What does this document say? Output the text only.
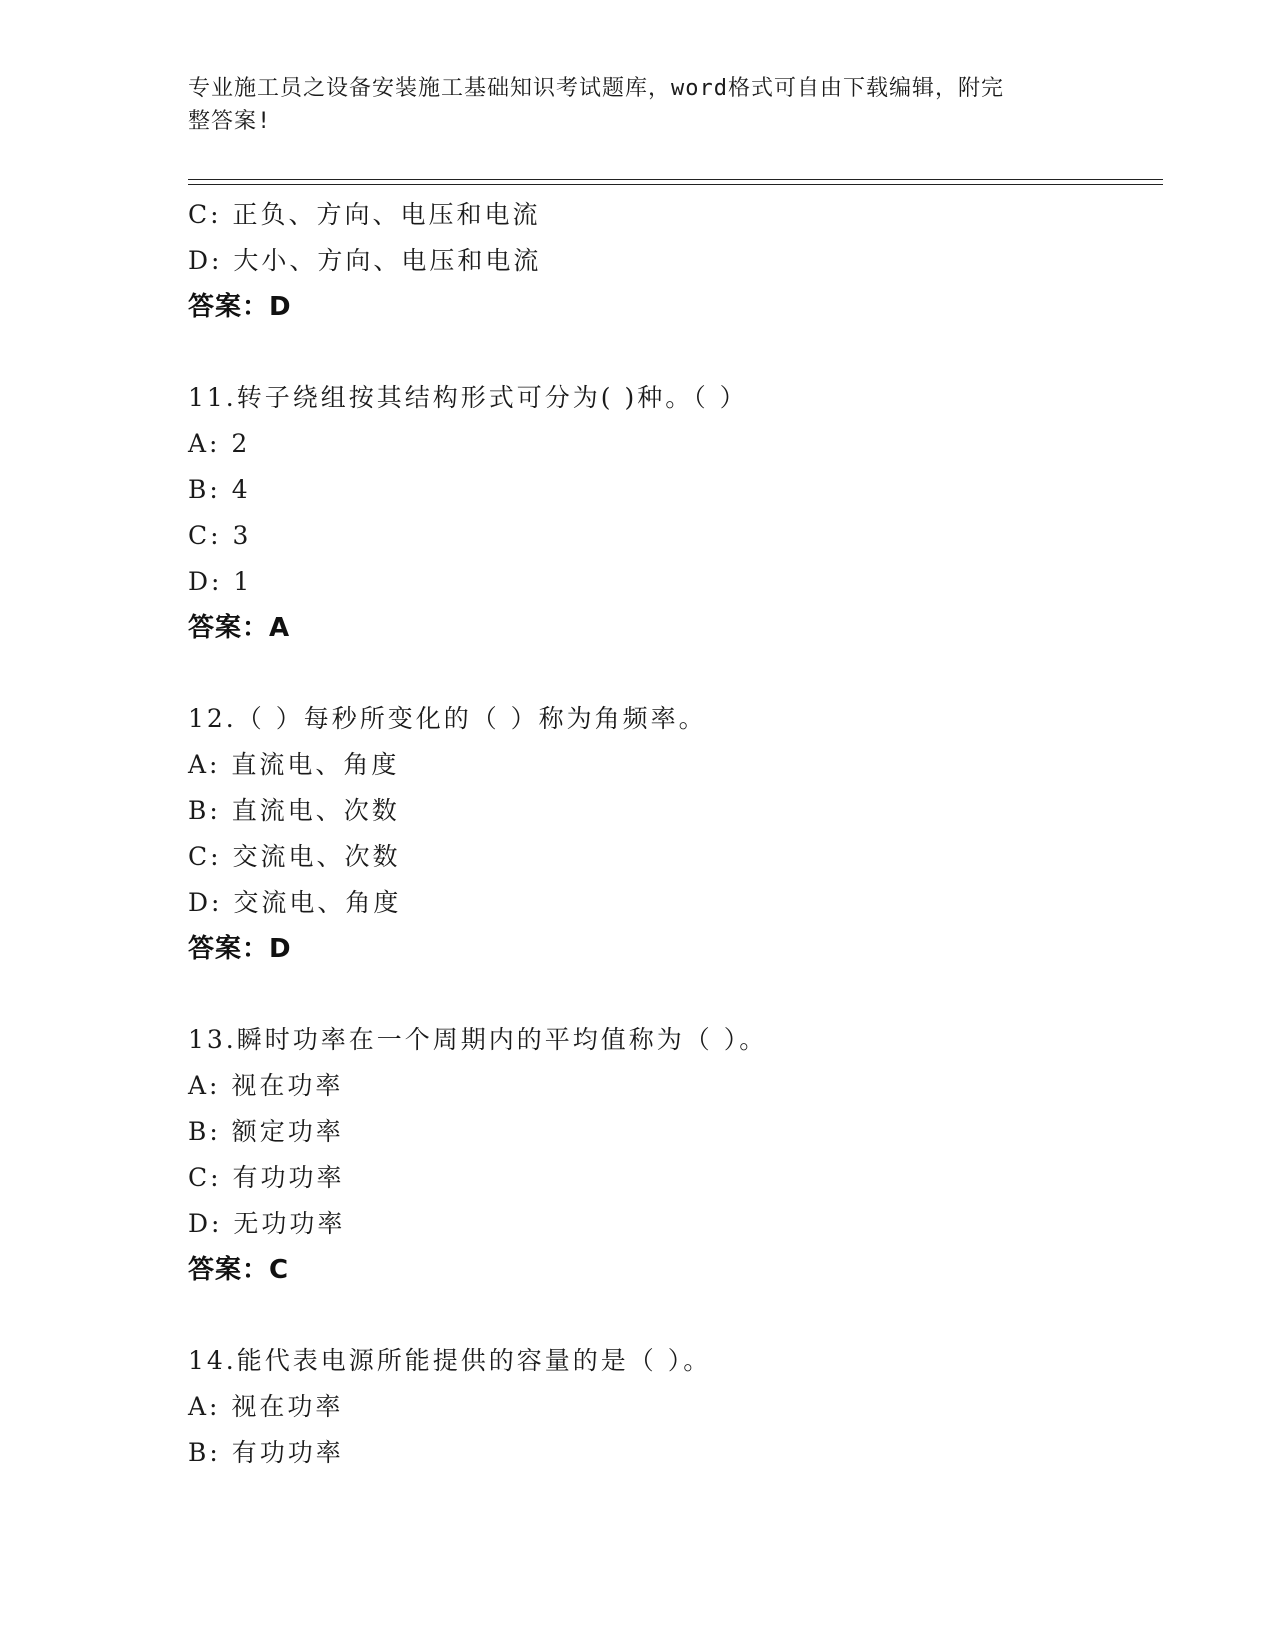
专业施工员之设备安装施工基础知识考试题库，word格式可自由下载编辑，附完
整答案!
C: 正负、方向、电压和电流
D: 大小、方向、电压和电流
答案：D
11.转子绕组按其结构形式可分为( )种。（ ）
A: 2
B: 4
C: 3
D: 1
答案：A
12.（ ）每秒所变化的（ ）称为角频率。
A: 直流电、角度
B: 直流电、次数
C: 交流电、次数
D: 交流电、角度
答案：D
13.瞬时功率在一个周期内的平均值称为（ ）。
A: 视在功率
B: 额定功率
C: 有功功率
D: 无功功率
答案：C
14.能代表电源所能提供的容量的是（ ）。
A: 视在功率
B: 有功功率
